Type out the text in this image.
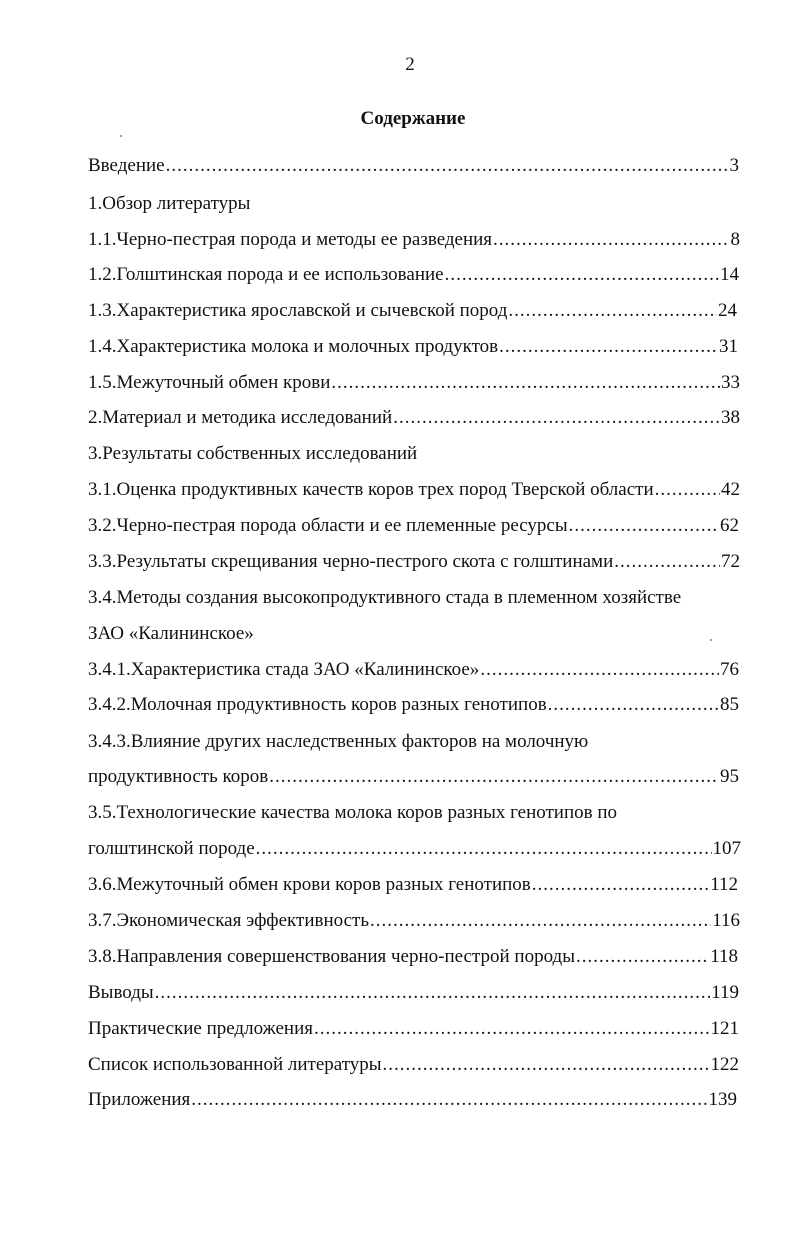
2
Содержание
Введение .....	3
1.Обзор литературы
1.1.Черно-пестрая порода и методы ее разведения .....	8
1.2.Голштинская порода и ее использование .....	14
1.3.Характеристика ярославской и сычевской пород .....	24
1.4.Характеристика молока и молочных продуктов .....	31
1.5.Межуточный обмен крови .....	33
2.Материал и методика исследований .....	38
3.Результаты собственных исследований
3.1.Оценка продуктивных качеств коров трех пород Тверской области .....	42
3.2.Черно-пестрая порода области и ее племенные ресурсы .....	62
3.3.Результаты скрещивания черно-пестрого скота с голштинами .....	72
3.4.Методы создания высокопродуктивного стада в племенном хозяйстве
ЗАО «Калининское»
3.4.1.Характеристика стада ЗАО «Калининское» .....	76
3.4.2.Молочная продуктивность коров разных генотипов .....	85
3.4.3.Влияние других наследственных факторов на молочную
продуктивность коров .....	95
3.5.Технологические качества молока коров разных генотипов по
голштинской породе .....	107
3.6.Межуточный обмен крови коров разных генотипов .....	112
3.7.Экономическая эффективность .....	116
3.8.Направления совершенствования черно-пестрой породы .....	118
Выводы .....	119
Практические предложения .....	121
Список использованной литературы .....	122
Приложения .....	139
